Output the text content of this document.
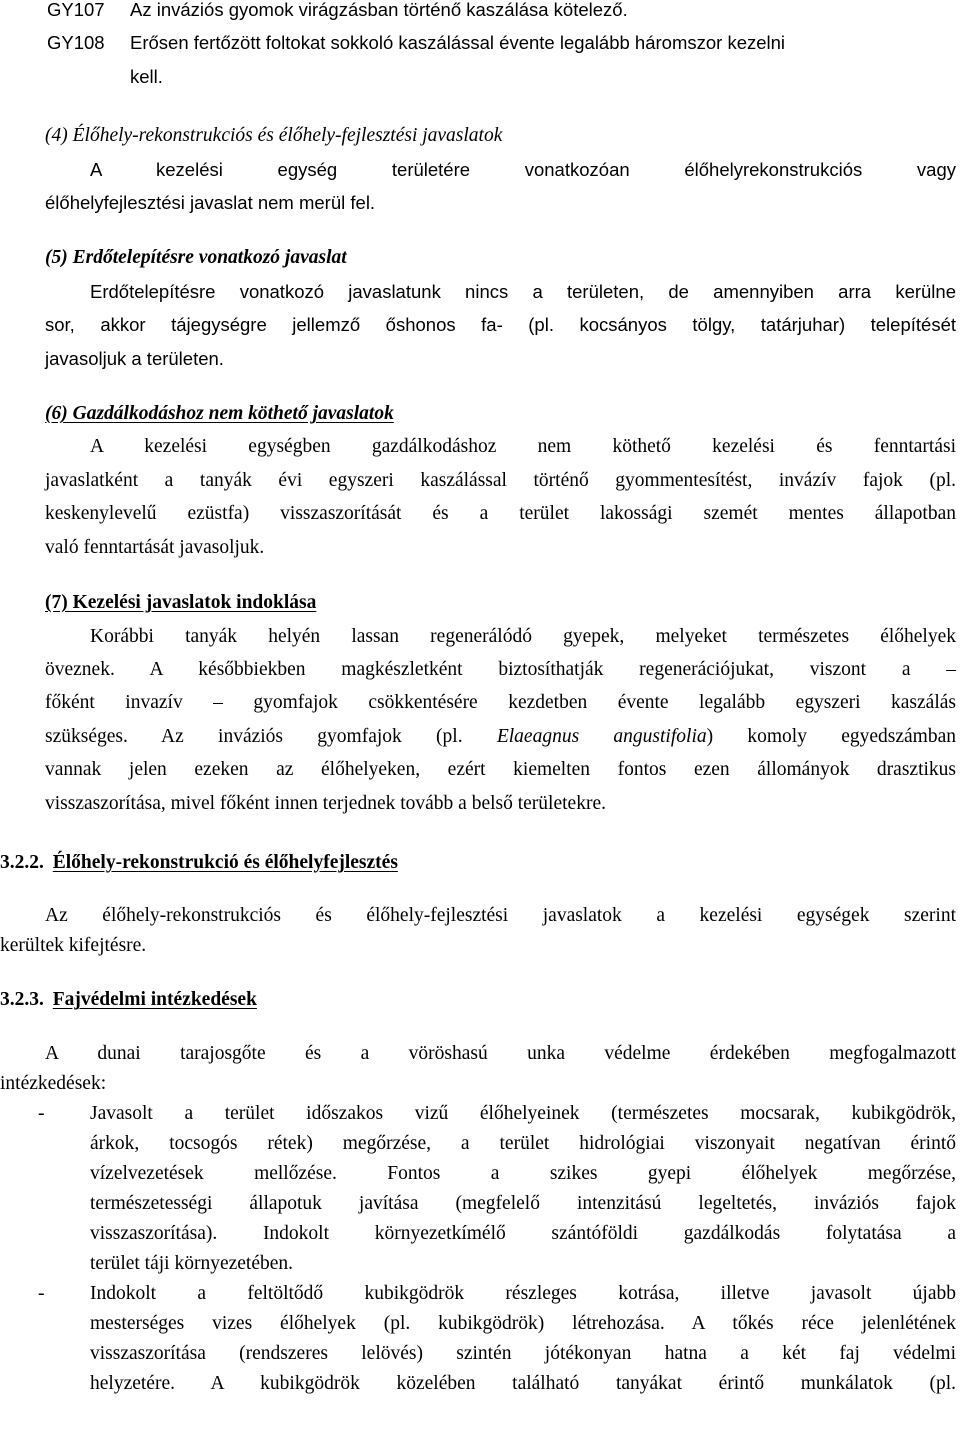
GY107 Az inváziós gyomok virágzásban történő kaszálása kötelező.
GY108 Erősen fertőzött foltokat sokkoló kaszálással évente legalább háromszor kezelni
kell.
(4) Élőhely-rekonstrukciós és élőhely-fejlesztési javaslatok
A kezelési egység területére vonatkozóan élőhelyrekonstrukciós vagy
élőhelyfejlesztési javaslat nem merül fel.
(5) Erdőtelepítésre vonatkozó javaslat
Erdőtelepítésre vonatkozó javaslatunk nincs a területen, de amennyiben arra kerülne
sor, akkor tájegységre jellemző őshonos fa- (pl. kocsányos tölgy, tatárjuhar) telepítését
javasoljuk a területen.
(6) Gazdálkodáshoz nem köthető javaslatok
A kezelési egységben gazdálkodáshoz nem köthető kezelési és fenntartási
javaslatként a tanyák évi egyszeri kaszálással történő gyommentesítést, invázív fajok (pl.
keskenylevelű ezüstfa) visszaszorítását és a terület lakossági szemét mentes állapotban
való fenntartását javasoljuk.
(7) Kezelési javaslatok indoklása
Korábbi tanyák helyén lassan regenerálódó gyepek, melyeket természetes élőhelyek
öveznek. A későbbiekben magkészletként biztosíthatják regenerációjukat, viszont a –
főként invazív – gyomfajok csökkentésére kezdetben évente legalább egyszeri kaszálás
szükséges. Az inváziós gyomfajok (pl. Elaeagnus angustifolia) komoly egyedszámban
vannak jelen ezeken az élőhelyeken, ezért kiemelten fontos ezen állományok drasztikus
visszaszorítása, mivel főként innen terjednek tovább a belső területekre.
3.2.2. Élőhely-rekonstrukció és élőhelyfejlesztés
Az élőhely-rekonstrukciós és élőhely-fejlesztési javaslatok a kezelési egységek szerint
kerültek kifejtésre.
3.2.3. Fajvédelmi intézkedések
A dunai tarajosgőte és a vöröshasú unka védelme érdekében megfogalmazott
intézkedések:
- Javasolt a terület időszakos vizű élőhelyeinek (természetes mocsarak, kubikgödrök,
árkok, tocsogós rétek) megőrzése, a terület hidrológiai viszonyait negatívan érintő
vízelvezetések mellőzése. Fontos a szikes gyepi élőhelyek megőrzése,
természetességi állapotuk javítása (megfelelő intenzitású legeltetés, inváziós fajok
visszaszorítása). Indokolt környezetkímélő szántóföldi gazdálkodás folytatása a
terület táji környezetében.
- Indokolt a feltöltődő kubikgödrök részleges kotrása, illetve javasolt újabb
mesterséges vizes élőhelyek (pl. kubikgödrök) létrehozása. A tőkés réce jelenlétének
visszaszorítása (rendszeres lelövés) szintén jótékonyan hatna a két faj védelmi
helyzetére. A kubikgödrök közelében található tanyákat érintő munkálatok (pl.
